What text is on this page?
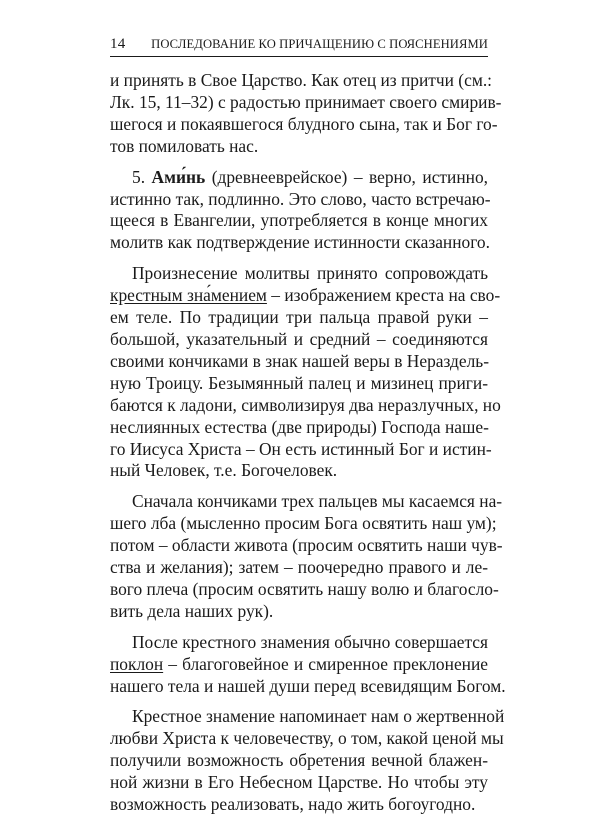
14 ПОСЛЕДОВАНИЕ КО ПРИЧАЩЕНИЮ С ПОЯСНЕНИЯМИ

и принять в Свое Царство. Как отец из притчи (см.:
Лк. 15, 11–32) с радостью принимает своего смирив-
шегося и покаявшегося блудного сына, так и Бог го-
тов помиловать нас.

5. Ами́нь (древнееврейское) – верно, истинно,
истинно так, подлинно. Это слово, часто встречаю-
щееся в Евангелии, употребляется в конце многих
молитв как подтверждение истинности сказанного.

Произнесение молитвы принято сопровождать
крестным зна́мением – изображением креста на сво-
ем теле. По традиции три пальца правой руки –
большой, указательный и средний – соединяются
своими кончиками в знак нашей веры в Нераздель-
ную Троицу. Безымянный палец и мизинец приги-
баются к ладони, символизируя два неразлучных, но
неслиянных естества (две природы) Господа наше-
го Иисуса Христа – Он есть истинный Бог и истин-
ный Человек, т.е. Богочеловек.

Сначала кончиками трех пальцев мы касаемся на-
шего лба (мысленно просим Бога освятить наш ум);
потом – области живота (просим освятить наши чув-
ства и желания); затем – поочередно правого и ле-
вого плеча (просим освятить нашу волю и благосло-
вить дела наших рук).

После крестного знамения обычно совершается
поклон – благоговейное и смиренное преклонение
нашего тела и нашей души перед всевидящим Богом.

Крестное знамение напоминает нам о жертвенной
любви Христа к человечеству, о том, какой ценой мы
получили возможность обретения вечной блажен-
ной жизни в Его Небесном Царстве. Но чтобы эту
возможность реализовать, надо жить богоугодно.
